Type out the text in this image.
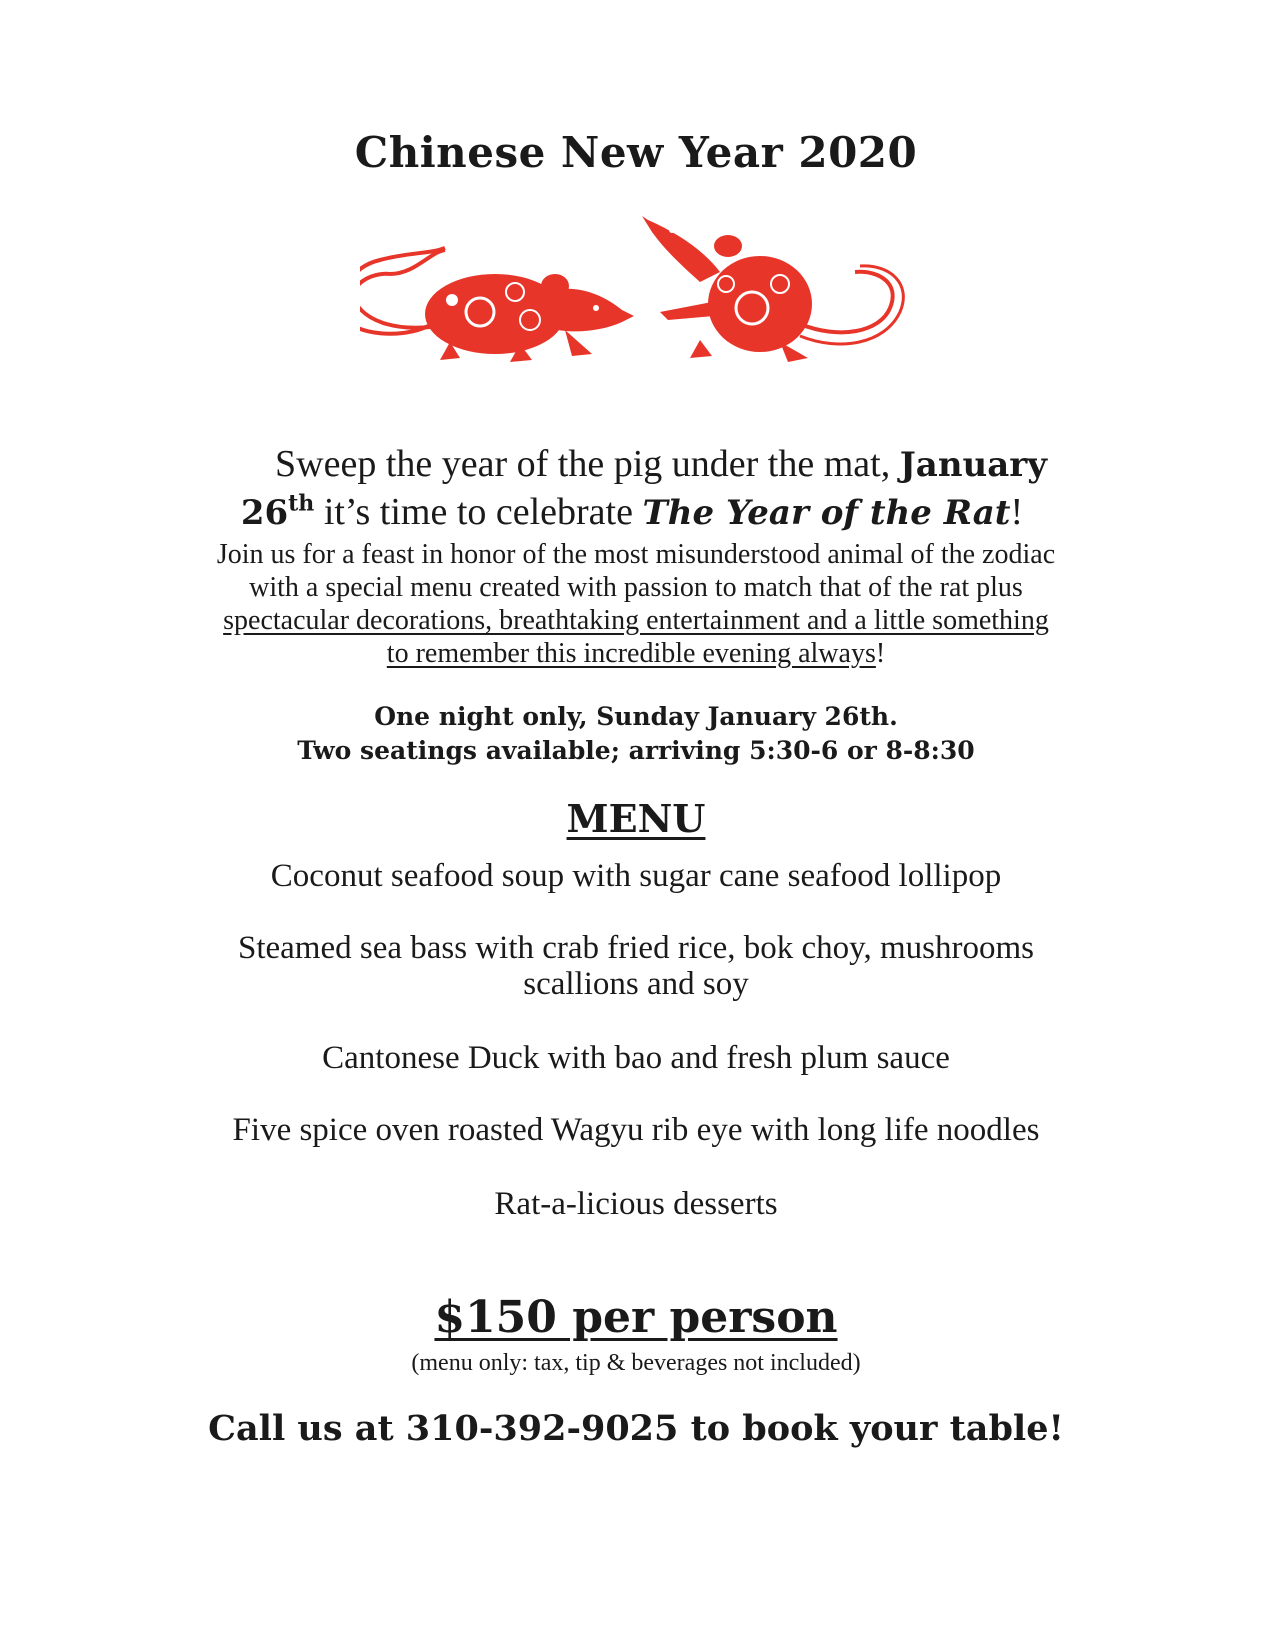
Chinese New Year 2020
Sweep the year of the pig under the mat, January
26th it’s time to celebrate The Year of the Rat!
Join us for a feast in honor of the most misunderstood animal of the zodiac
with a special menu created with passion to match that of the rat plus
spectacular decorations, breathtaking entertainment and a little something
to remember this incredible evening always!
One night only, Sunday January 26th.
Two seatings available; arriving 5:30-6 or 8-8:30
MENU
Coconut seafood soup with sugar cane seafood lollipop
Steamed sea bass with crab fried rice, bok choy, mushrooms
scallions and soy
Cantonese Duck with bao and fresh plum sauce
Five spice oven roasted Wagyu rib eye with long life noodles
Rat-a-licious desserts
$150 per person
(menu only: tax, tip & beverages not included)
Call us at 310-392-9025 to book your table!
